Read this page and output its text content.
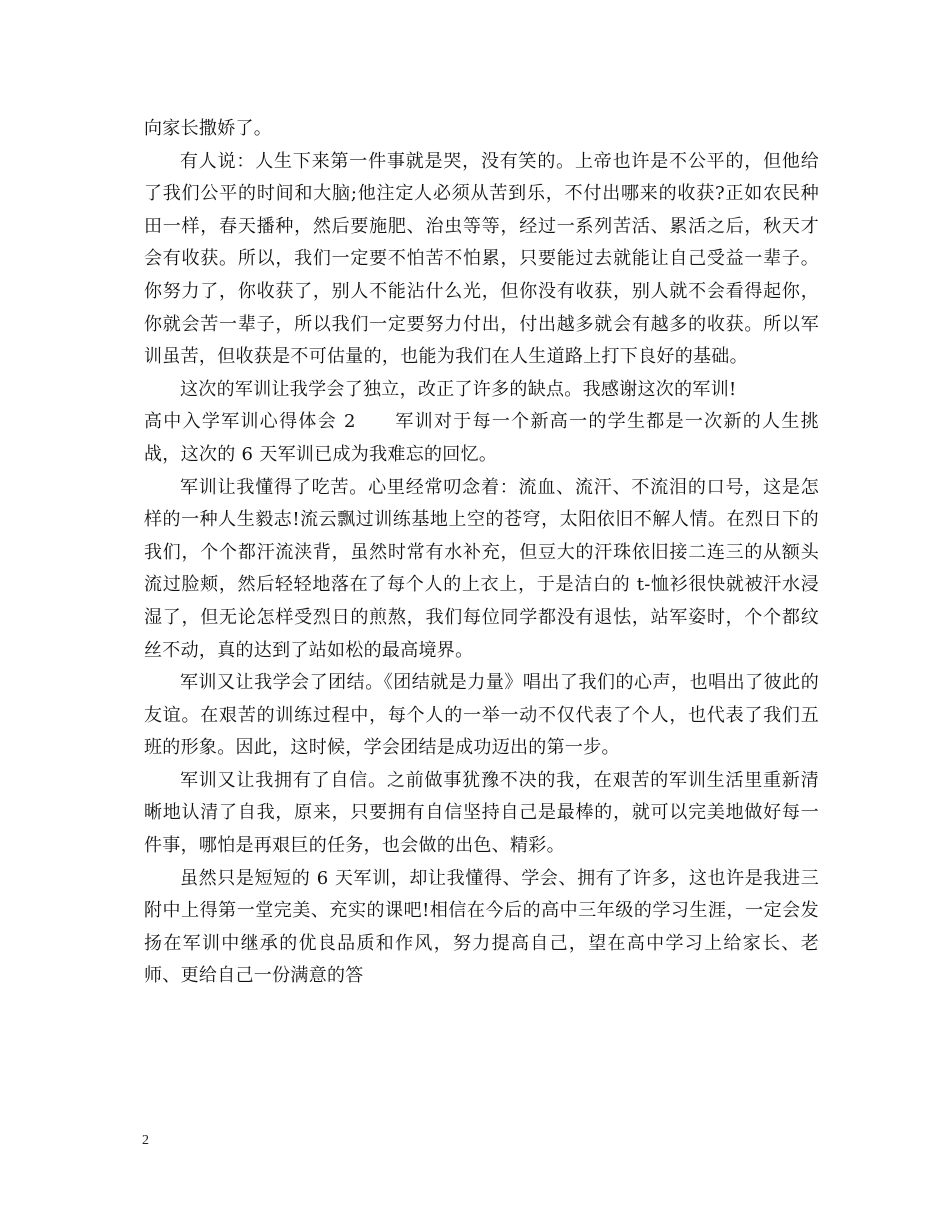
向家长撒娇了。

有人说：人生下来第一件事就是哭，没有笑的。上帝也许是不公平的，但他给了我们公平的时间和大脑;他注定人必须从苦到乐，不付出哪来的收获?正如农民种田一样，春天播种，然后要施肥、治虫等等，经过一系列苦活、累活之后，秋天才会有收获。所以，我们一定要不怕苦不怕累，只要能过去就能让自己受益一辈子。你努力了，你收获了，别人不能沾什么光，但你没有收获，别人就不会看得起你，你就会苦一辈子，所以我们一定要努力付出，付出越多就会有越多的收获。所以军训虽苦，但收获是不可估量的，也能为我们在人生道路上打下良好的基础。

这次的军训让我学会了独立，改正了许多的缺点。我感谢这次的军训!

高中入学军训心得体会 2　　军训对于每一个新高一的学生都是一次新的人生挑战，这次的 6 天军训已成为我难忘的回忆。

军训让我懂得了吃苦。心里经常叨念着：流血、流汗、不流泪的口号，这是怎样的一种人生毅志!流云飘过训练基地上空的苍穹，太阳依旧不解人情。在烈日下的我们，个个都汗流浃背，虽然时常有水补充，但豆大的汗珠依旧接二连三的从额头流过脸颊，然后轻轻地落在了每个人的上衣上，于是洁白的 t-恤衫很快就被汗水浸湿了，但无论怎样受烈日的煎熬，我们每位同学都没有退怯，站军姿时，个个都纹丝不动，真的达到了站如松的最高境界。

军训又让我学会了团结。《团结就是力量》唱出了我们的心声，也唱出了彼此的友谊。在艰苦的训练过程中，每个人的一举一动不仅代表了个人，也代表了我们五班的形象。因此，这时候，学会团结是成功迈出的第一步。

军训又让我拥有了自信。之前做事犹豫不决的我，在艰苦的军训生活里重新清晰地认清了自我，原来，只要拥有自信坚持自己是最棒的，就可以完美地做好每一件事，哪怕是再艰巨的任务，也会做的出色、精彩。

虽然只是短短的 6 天军训，却让我懂得、学会、拥有了许多，这也许是我进三附中上得第一堂完美、充实的课吧!相信在今后的高中三年级的学习生涯，一定会发扬在军训中继承的优良品质和作风，努力提高自己，望在高中学习上给家长、老师、更给自己一份满意的答

2
